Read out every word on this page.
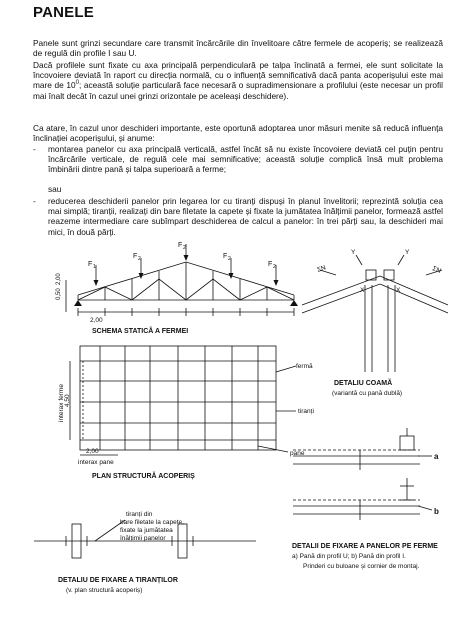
PANELE
Panele sunt grinzi secundare care transmit încărcările din învelitoare către fermele de acoperiș; se realizează de regulă din profile I sau U.
Dacă profilele sunt fixate cu axa principală perpendiculară pe talpa înclinată a fermei, ele sunt solicitate la încovoiere deviată în raport cu direcția normală, cu o influență semnificativă dacă panta acoperișului este mai mare de $10^0$; această soluție particulară face necesară o supradimensionare a profilului (este necesar un profil mai înalt decât în cazul unei grinzi orizontale pe aceleași deschidere).
Ca atare, în cazul unor deschideri importante, este oportună adoptarea unor măsuri menite să reducă influența înclinației acoperișului, și anume:
- montarea panelor cu axa principală verticală, astfel încât să nu existe încovoiere deviată cel puțin pentru încărcările verticale, de regulă cele mai semnificative; această soluție complică însă mult problema îmbinării dintre pană și talpa superioară a ferme;
sau
- reducerea deschiderii panelor prin legarea lor cu tiranți dispuși în planul învelitorii; reprezintă soluția cea mai simplă; tiranții, realizați din bare filetate la capete și fixate la jumătatea înălțimii panelor, formează astfel reazeme intermediare care subîmpart deschiderea de calcul a panelor: în trei părți sau, la deschideri mai mici, în două părți.
F 1
F 2
F 2
F 2
F 2
2,00
0,50
2,00
SCHEMA STATICĂ A FERMEI
ΣN	ΣN
Y	Y
X	X
DETALIU COAMĂ
(variantă cu pană dublă)
fermă
tiranți
pane
interax ferme 4,50
2,00
interax pane
PLAN STRUCTURĂ ACOPERIȘ
tiranți din
bare filetate la capete,
fixate la jumătatea
înălțimii panelor
DETALIU DE FIXARE A TIRANȚILOR
(v. plan structură acoperiș)
a
b
DETALII DE FIXARE A PANELOR PE FERME
a) Pană din profil U; b) Pană din profil I.
Prinderi cu buloane și cornier de montaj.
